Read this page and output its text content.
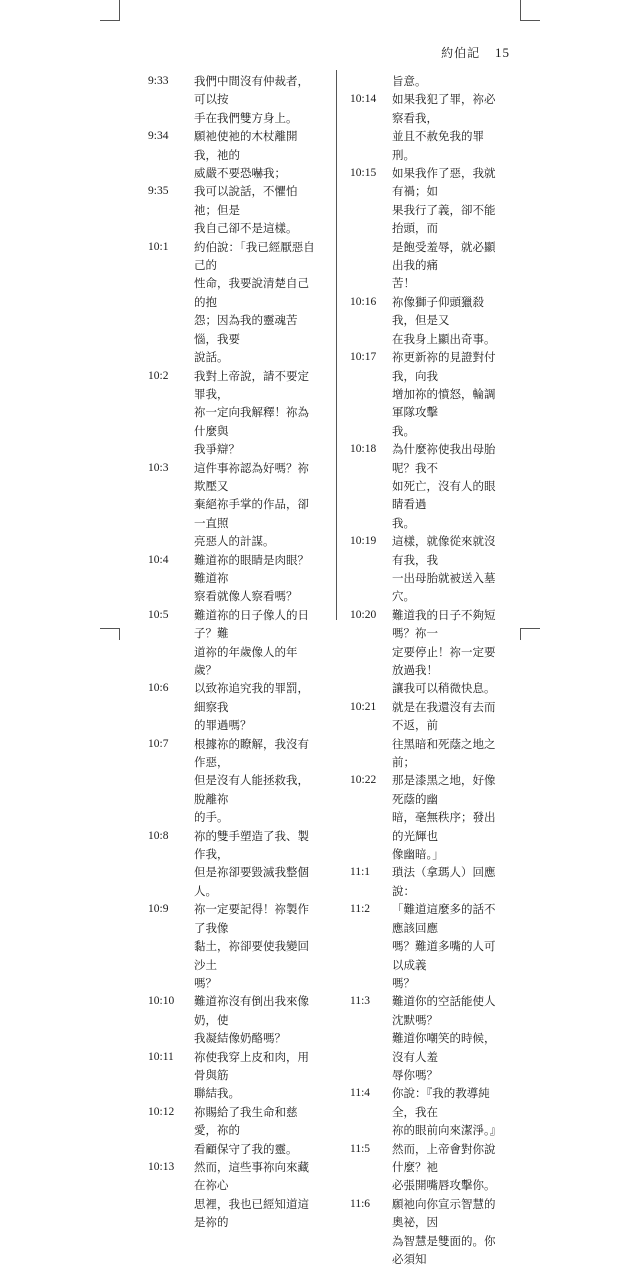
約伯記 15
9:33 我們中間沒有仲裁者，可以按
手在我們雙方身上。
9:34 願祂使祂的木杖離開我，祂的
威嚴不要恐嚇我；
9:35 我可以說話，不懼怕祂；但是
我自己卻不是這樣。
10:1 約伯說：「我已經厭惡自己的
性命，我要說清楚自己的抱
怨；因為我的靈魂苦惱，我要
說話。
10:2 我對上帝說，請不要定罪我，
祢一定向我解釋！祢為什麼與
我爭辯？
10:3 這件事祢認為好嗎？祢欺壓又
棄絕祢手掌的作品，卻一直照
亮惡人的計謀。
10:4 難道祢的眼睛是肉眼？難道祢
察看就像人察看嗎？
10:5 難道祢的日子像人的日子？難
道祢的年歲像人的年歲？
10:6 以致祢追究我的罪罰，細察我
的罪過嗎？
10:7 根據祢的瞭解，我沒有作惡，
但是沒有人能拯救我，脫離祢
的手。
10:8 祢的雙手塑造了我、製作我，
但是祢卻要毀滅我整個人。
10:9 祢一定要記得！祢製作了我像
黏土，祢卻要使我變回沙土
嗎？
10:10 難道祢沒有倒出我來像奶，使
我凝結像奶酪嗎？
10:11 祢使我穿上皮和肉，用骨與筋
聯結我。
10:12 祢賜給了我生命和慈愛，祢的
看顧保守了我的靈。
10:13 然而，這些事祢向來藏在祢心
思裡，我也已經知道這是祢的
旨意。
10:14 如果我犯了罪，祢必察看我，
並且不赦免我的罪刑。
10:15 如果我作了惡，我就有禍；如
果我行了義，卻不能抬頭，而
是飽受羞辱，就必顯出我的痛
苦！
10:16 祢像獅子仰頭獵殺我，但是又
在我身上顯出奇事。
10:17 祢更新祢的見證對付我，向我
增加祢的憤怒，輪調軍隊攻擊
我。
10:18 為什麼祢使我出母胎呢？我不
如死亡，沒有人的眼睛看過
我。
10:19 這樣，就像從來就沒有我，我
一出母胎就被送入墓穴。
10:20 難道我的日子不夠短嗎？祢一
定要停止！祢一定要放過我！
讓我可以稍微快息。
10:21 就是在我還沒有去而不返，前
往黑暗和死蔭之地之前；
10:22 那是漆黑之地，好像死蔭的幽
暗，毫無秩序；發出的光輝也
像幽暗。」
11:1 瑣法（拿瑪人）回應說：
11:2 「難道這麼多的話不應該回應
嗎？難道多嘴的人可以成義
嗎？
11:3 難道你的空話能使人沈默嗎？
難道你嘲笑的時候，沒有人羞
辱你嗎？
11:4 你說：『我的教導純全，我在
祢的眼前向來潔淨。』
11:5 然而，上帝會對你說什麼？祂
必張開嘴唇攻擊你。
11:6 願祂向你宣示智慧的奧祕，因
為智慧是雙面的。你必須知
